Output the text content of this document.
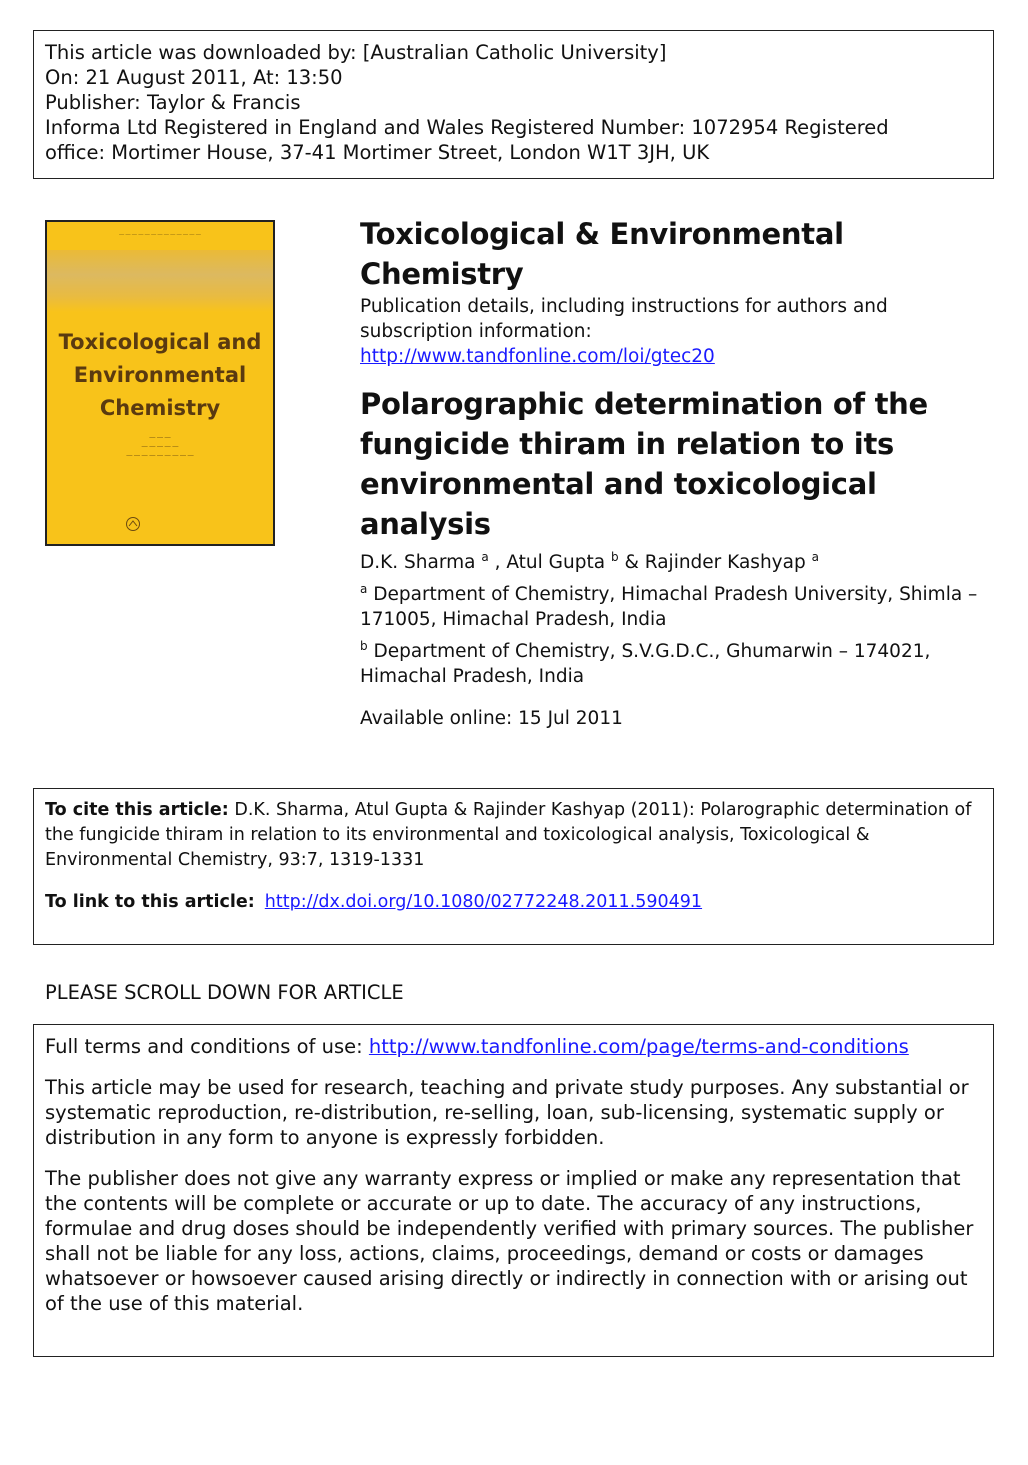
This article was downloaded by: [Australian Catholic University]
On: 21 August 2011, At: 13:50
Publisher: Taylor & Francis
Informa Ltd Registered in England and Wales Registered Number: 1072954 Registered
office: Mortimer House, 37-41 Mortimer Street, London W1T 3JH, UK
— — — — — — — — — — — — —
Toxicological and
Environmental
Chemistry
— — —
— — — — —
— — — — — — — — —
Toxicological & Environmental
Chemistry
Publication details, including instructions for authors and subscription information:
http://www.tandfonline.com/loi/gtec20
Polarographic determination of the fungicide thiram in relation to its environmental and toxicological analysis
D.K. Sharma $^a$ , Atul Gupta $^b$ & Rajinder Kashyap $^a$
$^a$ Department of Chemistry, Himachal Pradesh University, Shimla – 171005, Himachal Pradesh, India
$^b$ Department of Chemistry, S.V.G.D.C., Ghumarwin – 174021, Himachal Pradesh, India
Available online: 15 Jul 2011
To cite this article: D.K. Sharma, Atul Gupta & Rajinder Kashyap (2011): Polarographic determination of the fungicide thiram in relation to its environmental and toxicological analysis, Toxicological & Environmental Chemistry, 93:7, 1319-1331
To link to this article: http://dx.doi.org/10.1080/02772248.2011.590491
PLEASE SCROLL DOWN FOR ARTICLE

Full terms and conditions of use: http://www.tandfonline.com/page/terms-and-conditions

This article may be used for research, teaching and private study purposes. Any substantial or systematic reproduction, re-distribution, re-selling, loan, sub-licensing, systematic supply or distribution in any form to anyone is expressly forbidden.

The publisher does not give any warranty express or implied or make any representation that the contents will be complete or accurate or up to date. The accuracy of any instructions, formulae and drug doses should be independently verified with primary sources. The publisher shall not be liable for any loss, actions, claims, proceedings, demand or costs or damages whatsoever or howsoever caused arising directly or indirectly in connection with or arising out of the use of this material.
